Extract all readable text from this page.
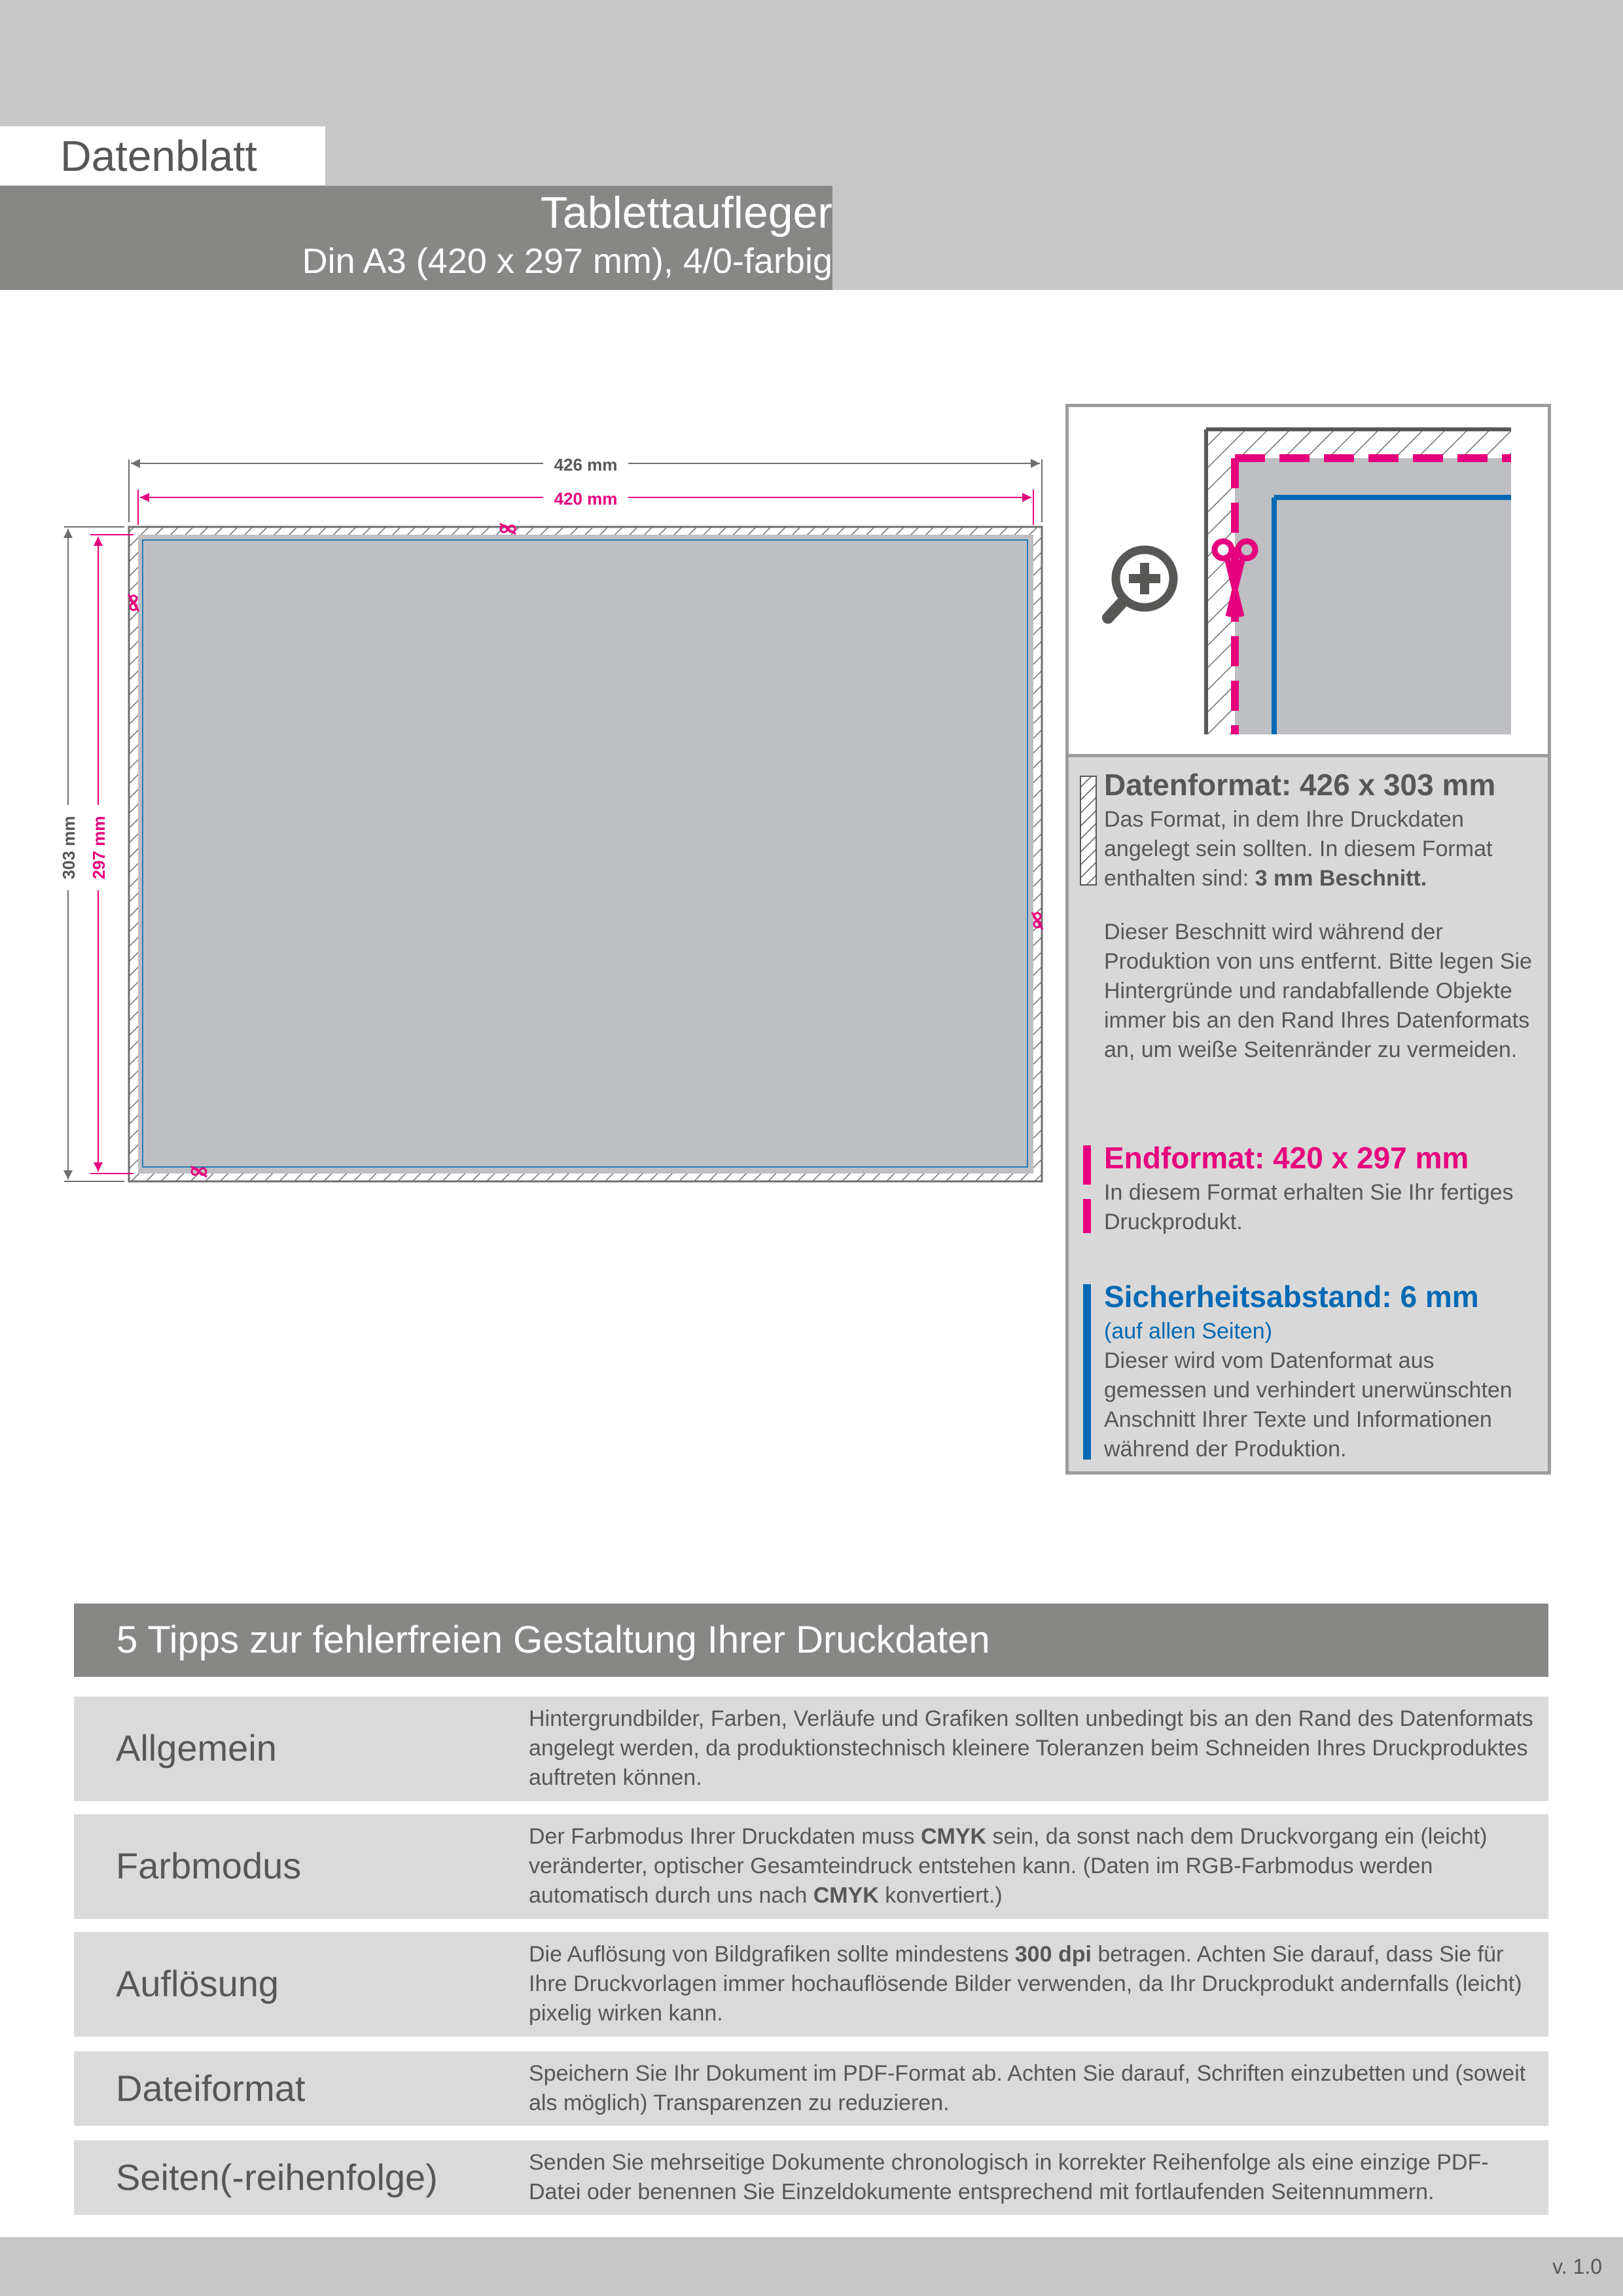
Datenblatt
Tablettaufleger
Din A3 (420 x 297 mm), 4/0-farbig
426 mm
420 mm
303 mm 297 mm
Datenformat: 426 x 303 mm
Das Format, in dem Ihre Druckdaten angelegt sein sollten. In diesem Format enthalten sind: 3 mm Beschnitt.
Dieser Beschnitt wird während der Produktion von uns entfernt. Bitte legen Sie Hintergründe und randabfallende Objekte immer bis an den Rand Ihres Datenformats an, um weiße Seitenränder zu vermeiden.
Endformat: 420 x 297 mm
In diesem Format erhalten Sie Ihr fertiges Druckprodukt.
Sicherheitsabstand: 6 mm
(auf allen Seiten)
Dieser wird vom Datenformat aus gemessen und verhindert unerwünschten Anschnitt Ihrer Texte und Informationen während der Produktion.
5 Tipps zur fehlerfreien Gestaltung Ihrer Druckdaten
Allgemein
Hintergrundbilder, Farben, Verläufe und Grafiken sollten unbedingt bis an den Rand des Datenformats angelegt werden, da produktionstechnisch kleinere Toleranzen beim Schneiden Ihres Druckproduktes auftreten können.
Farbmodus
Der Farbmodus Ihrer Druckdaten muss CMYK sein, da sonst nach dem Druckvorgang ein (leicht) veränderter, optischer Gesamteindruck entstehen kann. (Daten im RGB-Farbmodus werden automatisch durch uns nach CMYK konvertiert.)
Auflösung
Die Auflösung von Bildgrafiken sollte mindestens 300 dpi betragen. Achten Sie darauf, dass Sie für Ihre Druckvorlagen immer hochauflösende Bilder verwenden, da Ihr Druckprodukt andernfalls (leicht) pixelig wirken kann.
Dateiformat	Speichern Sie Ihr Dokument im PDF-Format ab. Achten Sie darauf, Schriften einzubetten und (soweit als möglich) Transparenzen zu reduzieren.
Seiten(-reihenfolge)	Senden Sie mehrseitige Dokumente chronologisch in korrekter Reihenfolge als eine einzige PDF-Datei oder benennen Sie Einzeldokumente entsprechend mit fortlaufenden Seitennummern.
v. 1.0
